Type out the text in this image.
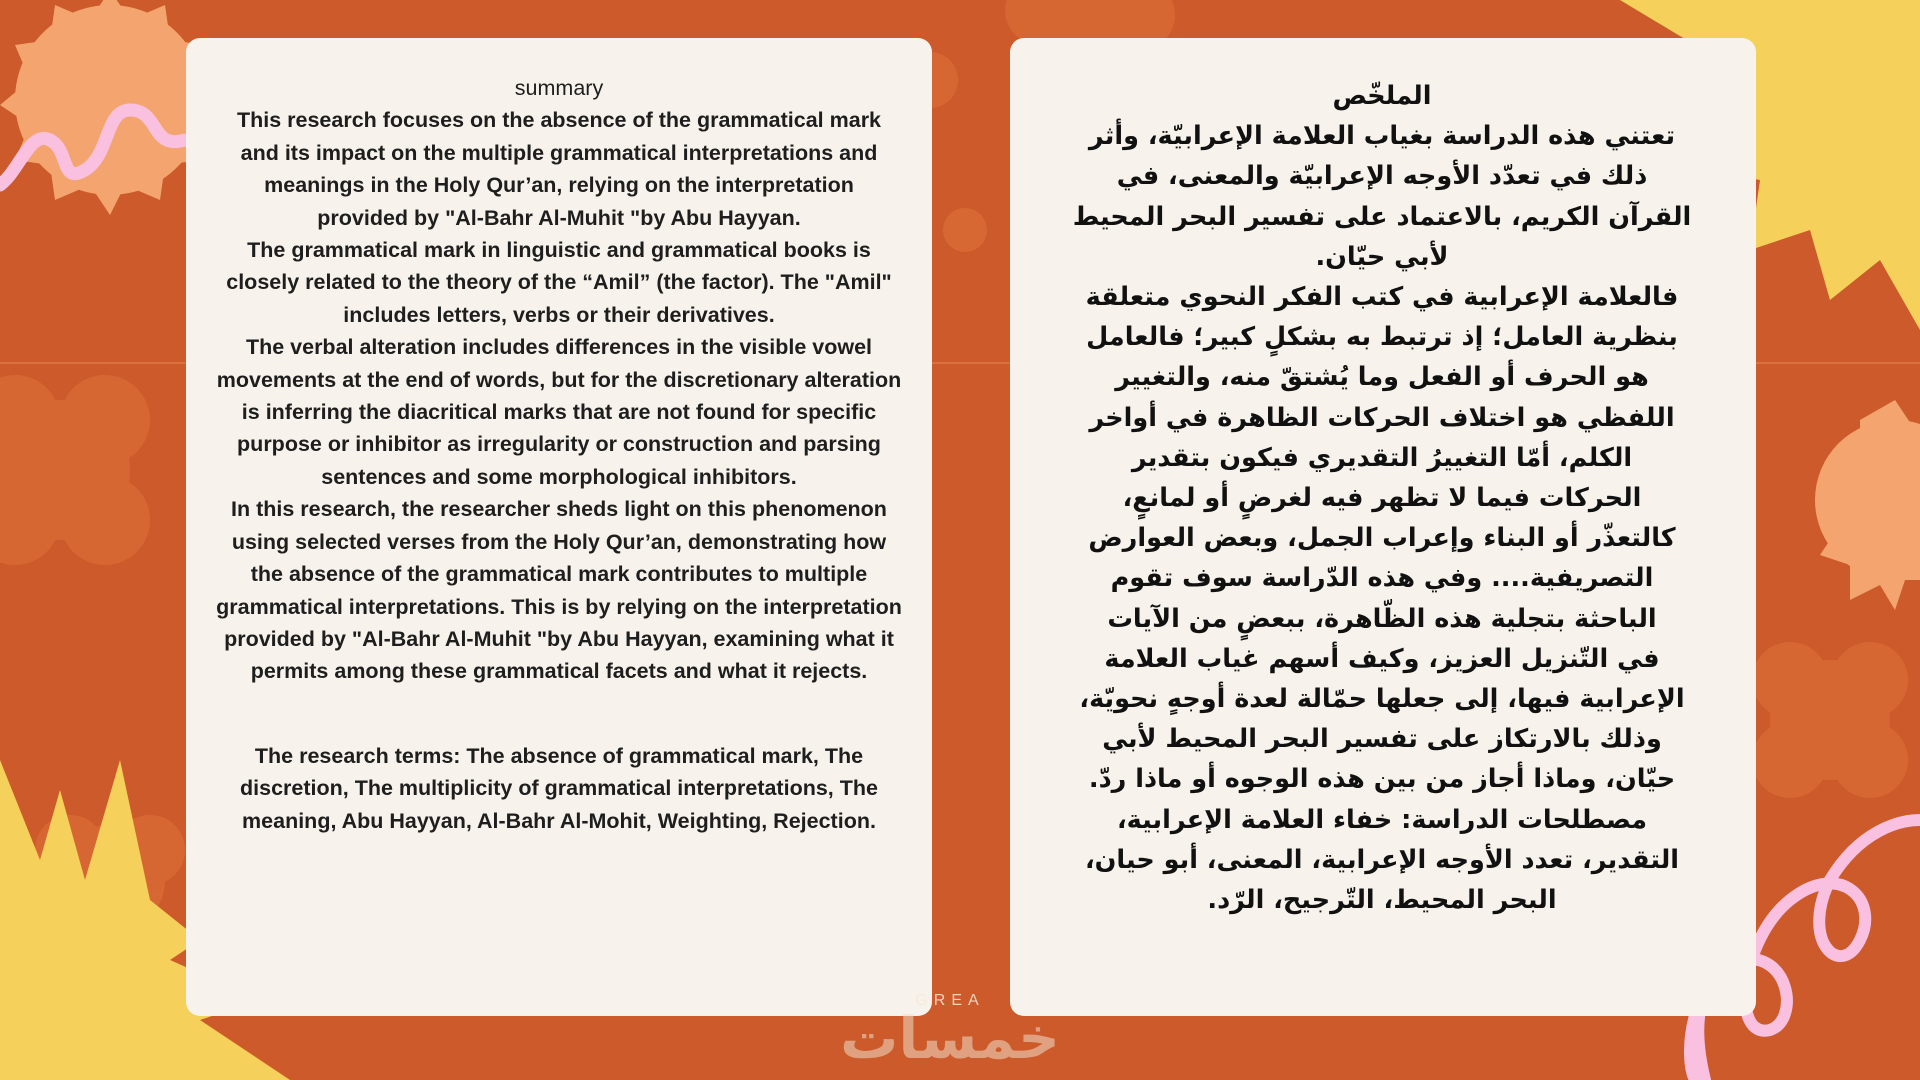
summary

This research focuses on the absence of the grammatical mark and its impact on the multiple grammatical interpretations and meanings in the Holy Qur’an, relying on the interpretation provided by "Al-Bahr Al-Muhit "by Abu Hayyan.

The grammatical mark in linguistic and grammatical books is closely related to the theory of the “Amil” (the factor). The "Amil" includes letters, verbs or their derivatives.

The verbal alteration includes differences in the visible vowel movements at the end of words, but for the discretionary alteration is inferring the diacritical marks that are not found for specific purpose or inhibitor as irregularity or construction and parsing sentences and some morphological inhibitors.

In this research, the researcher sheds light on this phenomenon using selected verses from the Holy Qur’an, demonstrating how the absence of the grammatical mark contributes to multiple grammatical interpretations. This is by relying on the interpretation provided by "Al-Bahr Al-Muhit "by Abu Hayyan, examining what it permits among these grammatical facets and what it rejects.

The research terms: The absence of grammatical mark, The discretion, The multiplicity of grammatical interpretations, The meaning, Abu Hayyan, Al-Bahr Al-Mohit, Weighting, Rejection.

الملخّص

تعتني هذه الدراسة بغياب العلامة الإعرابيّة، وأثر
ذلك في تعدّد الأوجه الإعرابيّة والمعنى، في
القرآن الكريم، بالاعتماد على تفسير البحر المحيط
لأبي حيّان.

فالعلامة الإعرابية في كتب الفكر النحوي متعلقة
بنظرية العامل؛ إذ ترتبط به بشكلٍ كبير؛ فالعامل
هو الحرف أو الفعل وما يُشتقّ منه، والتغيير
اللفظي هو اختلاف الحركات الظاهرة في أواخر
الكلم، أمّا التغييرُ التقديري فيكون بتقدير
الحركات فيما لا تظهر فيه لغرضٍ أو لمانعٍ،
كالتعذّر أو البناء وإعراب الجمل، وبعض العوارض
التصريفية.... وفي هذه الدّراسة سوف تقوم
الباحثة بتجلية هذه الظّاهرة، ببعضٍ من الآيات
في التّنزيل العزيز، وكيف أسهم غياب العلامة
الإعرابية فيها، إلى جعلها حمّالة لعدة أوجهٍ نحويّة،
وذلك بالارتكاز على تفسير البحر المحيط لأبي
حيّان، وماذا أجاز من بين هذه الوجوه أو ماذا ردّ.

مصطلحات الدراسة: خفاء العلامة الإعرابية،
التقدير، تعدد الأوجه الإعرابية، المعنى، أبو حيان،
البحر المحيط، التّرجيح، الرّد.

GREA
خمسات
